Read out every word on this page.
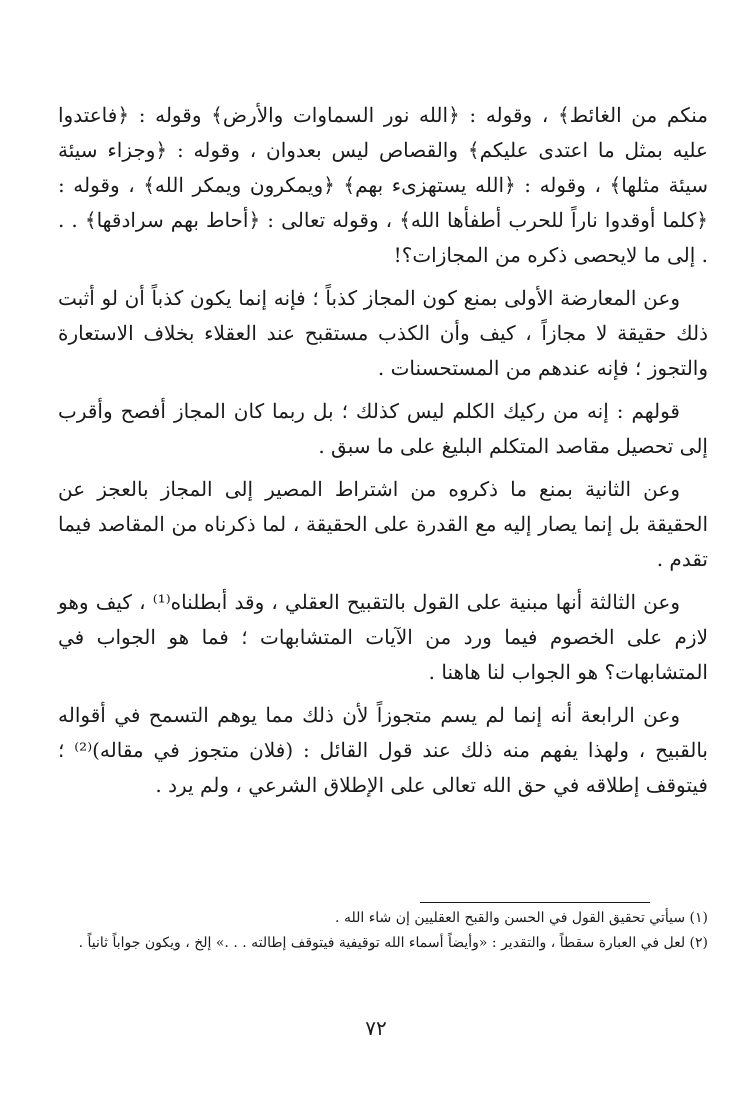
منكم من الغائط﴾ ، وقوله : ﴿الله نور السماوات والأرض﴾ وقوله : ﴿فاعتدوا عليه بمثل ما اعتدى عليكم﴾ والقصاص ليس بعدوان ، وقوله : ﴿وجزاء سيئة سيئة مثلها﴾ ، وقوله : ﴿الله يستهزىء بهم﴾ ﴿ويمكرون ويمكر الله﴾ ، وقوله : ﴿كلما أوقدوا ناراً للحرب أطفأها الله﴾ ، وقوله تعالى : ﴿أحاط بهم سرادقها﴾ . . . إلى ما لايحصى ذكره من المجازات؟!

وعن المعارضة الأولى بمنع كون المجاز كذباً ؛ فإنه إنما يكون كذباً أن لو أثبت ذلك حقيقة لا مجازاً ، كيف وأن الكذب مستقبح عند العقلاء بخلاف الاستعارة والتجوز ؛ فإنه عندهم من المستحسنات .

قولهم : إنه من ركيك الكلم ليس كذلك ؛ بل ربما كان المجاز أفصح وأقرب إلى تحصيل مقاصد المتكلم البليغ على ما سبق .

وعن الثانية بمنع ما ذكروه من اشتراط المصير إلى المجاز بالعجز عن الحقيقة بل إنما يصار إليه مع القدرة على الحقيقة ، لما ذكرناه من المقاصد فيما تقدم .

وعن الثالثة أنها مبنية على القول بالتقبيح العقلي ، وقد أبطلناه⁽¹⁾ ، كيف وهو لازم على الخصوم فيما ورد من الآيات المتشابهات ؛ فما هو الجواب في المتشابهات؟ هو الجواب لنا هاهنا .

وعن الرابعة أنه إنما لم يسم متجوزاً لأن ذلك مما يوهم التسمح في أقواله بالقبيح ، ولهذا يفهم منه ذلك عند قول القائل : (فلان متجوز في مقاله)⁽²⁾ ؛ فيتوقف إطلاقه في حق الله تعالى على الإطلاق الشرعي ، ولم يرد .

(١) سيأتي تحقيق القول في الحسن والقبح العقليين إن شاء الله .

(٢) لعل في العبارة سقطاً ، والتقدير : «وأيضاً أسماء الله توقيفية فيتوقف إطالته . . .» إلخ ، ويكون جواباً ثانياً .

٧٢
